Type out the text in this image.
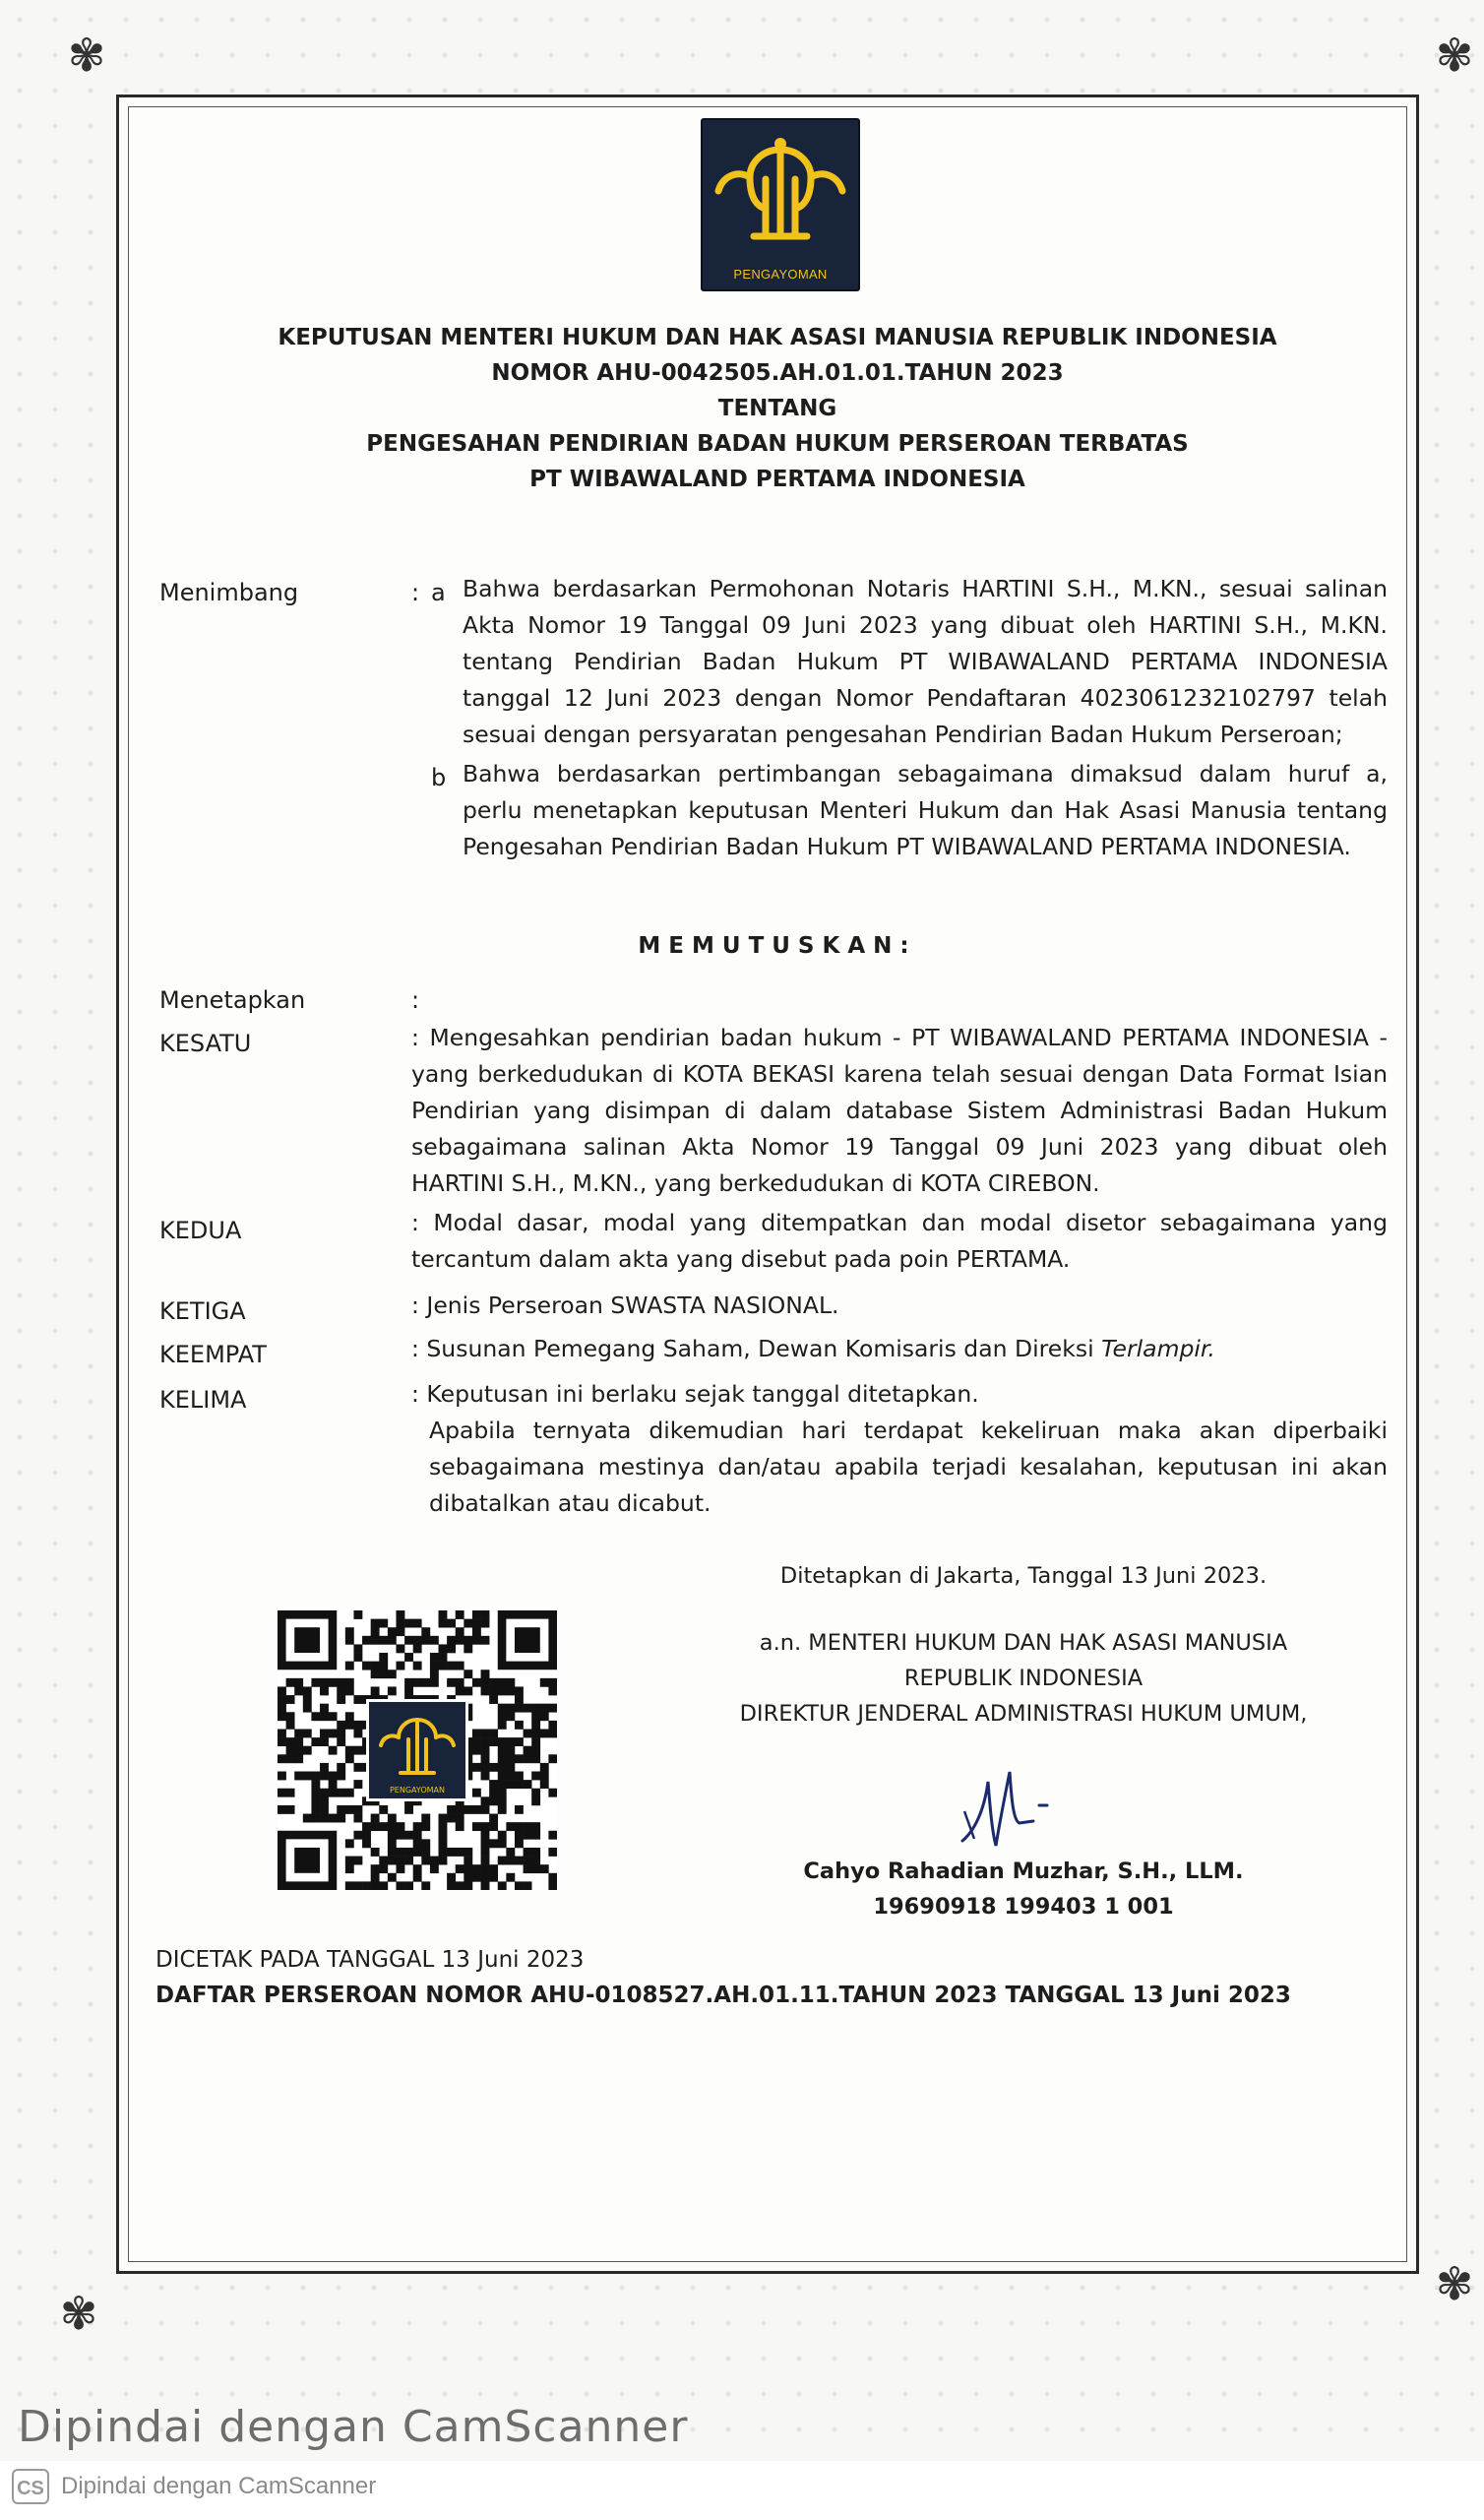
✾	✾
✾
✾
PENGAYOMAN
KEPUTUSAN MENTERI HUKUM DAN HAK ASASI MANUSIA REPUBLIK INDONESIA
NOMOR AHU-0042505.AH.01.01.TAHUN 2023
TENTANG
PENGESAHAN PENDIRIAN BADAN HUKUM PERSEROAN TERBATAS
PT WIBAWALAND PERTAMA INDONESIA
Menimbang	: a Bahwa berdasarkan Permohonan Notaris HARTINI S.H., M.KN., sesuai salinan Akta Nomor 19 Tanggal 09 Juni 2023 yang dibuat oleh HARTINI S.H., M.KN. tentang Pendirian Badan Hukum PT WIBAWALAND PERTAMA INDONESIA tanggal 12 Juni 2023 dengan Nomor Pendaftaran 4023061232102797 telah sesuai dengan persyaratan pengesahan Pendirian Badan Hukum Perseroan;
b Bahwa berdasarkan pertimbangan sebagaimana dimaksud dalam huruf a, perlu menetapkan keputusan Menteri Hukum dan Hak Asasi Manusia tentang Pengesahan Pendirian Badan Hukum PT WIBAWALAND PERTAMA INDONESIA.
MEMUTUSKAN:
Menetapkan	:
KESATU	: Mengesahkan pendirian badan hukum - PT WIBAWALAND PERTAMA INDONESIA - yang berkedudukan di KOTA BEKASI karena telah sesuai dengan Data Format Isian Pendirian yang disimpan di dalam database Sistem Administrasi Badan Hukum sebagaimana salinan Akta Nomor 19 Tanggal 09 Juni 2023 yang dibuat oleh HARTINI S.H., M.KN., yang berkedudukan di KOTA CIREBON.
KEDUA	: Modal dasar, modal yang ditempatkan dan modal disetor sebagaimana yang tercantum dalam akta yang disebut pada poin PERTAMA.
KETIGA	: Jenis Perseroan SWASTA NASIONAL.
KEEMPAT	: Susunan Pemegang Saham, Dewan Komisaris dan Direksi Terlampir.
KELIMA	: Keputusan ini berlaku sejak tanggal ditetapkan.
Apabila ternyata dikemudian hari terdapat kekeliruan maka akan diperbaiki sebagaimana mestinya dan/atau apabila terjadi kesalahan, keputusan ini akan dibatalkan atau dicabut.
Ditetapkan di Jakarta, Tanggal 13 Juni 2023.
a.n. MENTERI HUKUM DAN HAK ASASI MANUSIA
REPUBLIK INDONESIA
DIREKTUR JENDERAL ADMINISTRASI HUKUM UMUM,
Cahyo Rahadian Muzhar, S.H., LLM.
19690918 199403 1 001
PENGAYOMAN
DICETAK PADA TANGGAL 13 Juni 2023
DAFTAR PERSEROAN NOMOR AHU-0108527.AH.01.11.TAHUN 2023 TANGGAL 13 Juni 2023
Dipindai dengan CamScanner
CS Dipindai dengan CamScanner
